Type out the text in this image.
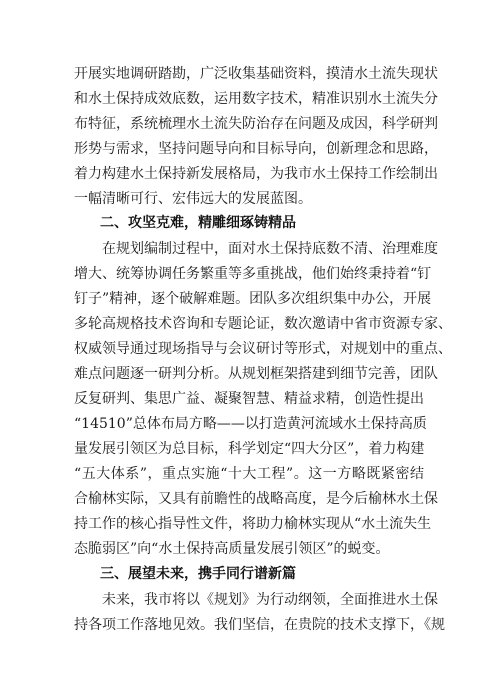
开展实地调研踏勘，广泛收集基础资料，摸清水土流失现状
和水土保持成效底数，运用数字技术，精准识别水土流失分
布特征，系统梳理水土流失防治存在问题及成因，科学研判
形势与需求，坚持问题导向和目标导向，创新理念和思路，
着力构建水土保持新发展格局，为我市水土保持工作绘制出
一幅清晰可行、宏伟远大的发展蓝图。
二、攻坚克难，精雕细琢铸精品
在规划编制过程中，面对水土保持底数不清、治理难度
增大、统筹协调任务繁重等多重挑战，他们始终秉持着“钉
钉子”精神，逐个破解难题。团队多次组织集中办公，开展
多轮高规格技术咨询和专题论证，数次邀请中省市资源专家、
权威领导通过现场指导与会议研讨等形式，对规划中的重点、
难点问题逐一研判分析。从规划框架搭建到细节完善，团队
反复研判、集思广益、凝聚智慧、精益求精，创造性提出
“14510”总体布局方略——以打造黄河流域水土保持高质
量发展引领区为总目标，科学划定“四大分区”，着力构建
“五大体系”，重点实施“十大工程”。这一方略既紧密结
合榆林实际，又具有前瞻性的战略高度，是今后榆林水土保
持工作的核心指导性文件，将助力榆林实现从“水土流失生
态脆弱区”向“水土保持高质量发展引领区”的蜕变。
三、展望未来，携手同行谱新篇
未来，我市将以《规划》为行动纲领，全面推进水土保
持各项工作落地见效。我们坚信，在贵院的技术支撑下，《规
